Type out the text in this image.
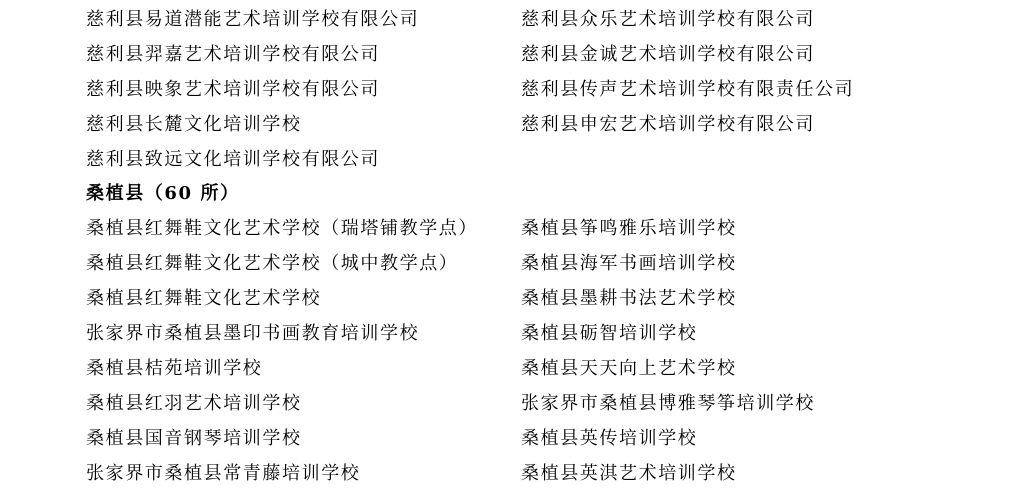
慈利县易道潜能艺术培训学校有限公司	慈利县众乐艺术培训学校有限公司
慈利县羿嘉艺术培训学校有限公司	慈利县金诚艺术培训学校有限公司
慈利县映象艺术培训学校有限公司	慈利县传声艺术培训学校有限责任公司
慈利县长麓文化培训学校	慈利县申宏艺术培训学校有限公司
慈利县致远文化培训学校有限公司
桑植县（60 所）
桑植县红舞鞋文化艺术学校（瑞塔铺教学点） 桑植县筝鸣雅乐培训学校
桑植县红舞鞋文化艺术学校（城中教学点）	桑植县海军书画培训学校
桑植县红舞鞋文化艺术学校	桑植县墨耕书法艺术学校
张家界市桑植县墨印书画教育培训学校	桑植县砺智培训学校
桑植县桔苑培训学校	桑植县天天向上艺术学校
桑植县红羽艺术培训学校	张家界市桑植县博雅琴筝培训学校
桑植县国音钢琴培训学校	桑植县英传培训学校
张家界市桑植县常青藤培训学校	桑植县英淇艺术培训学校
